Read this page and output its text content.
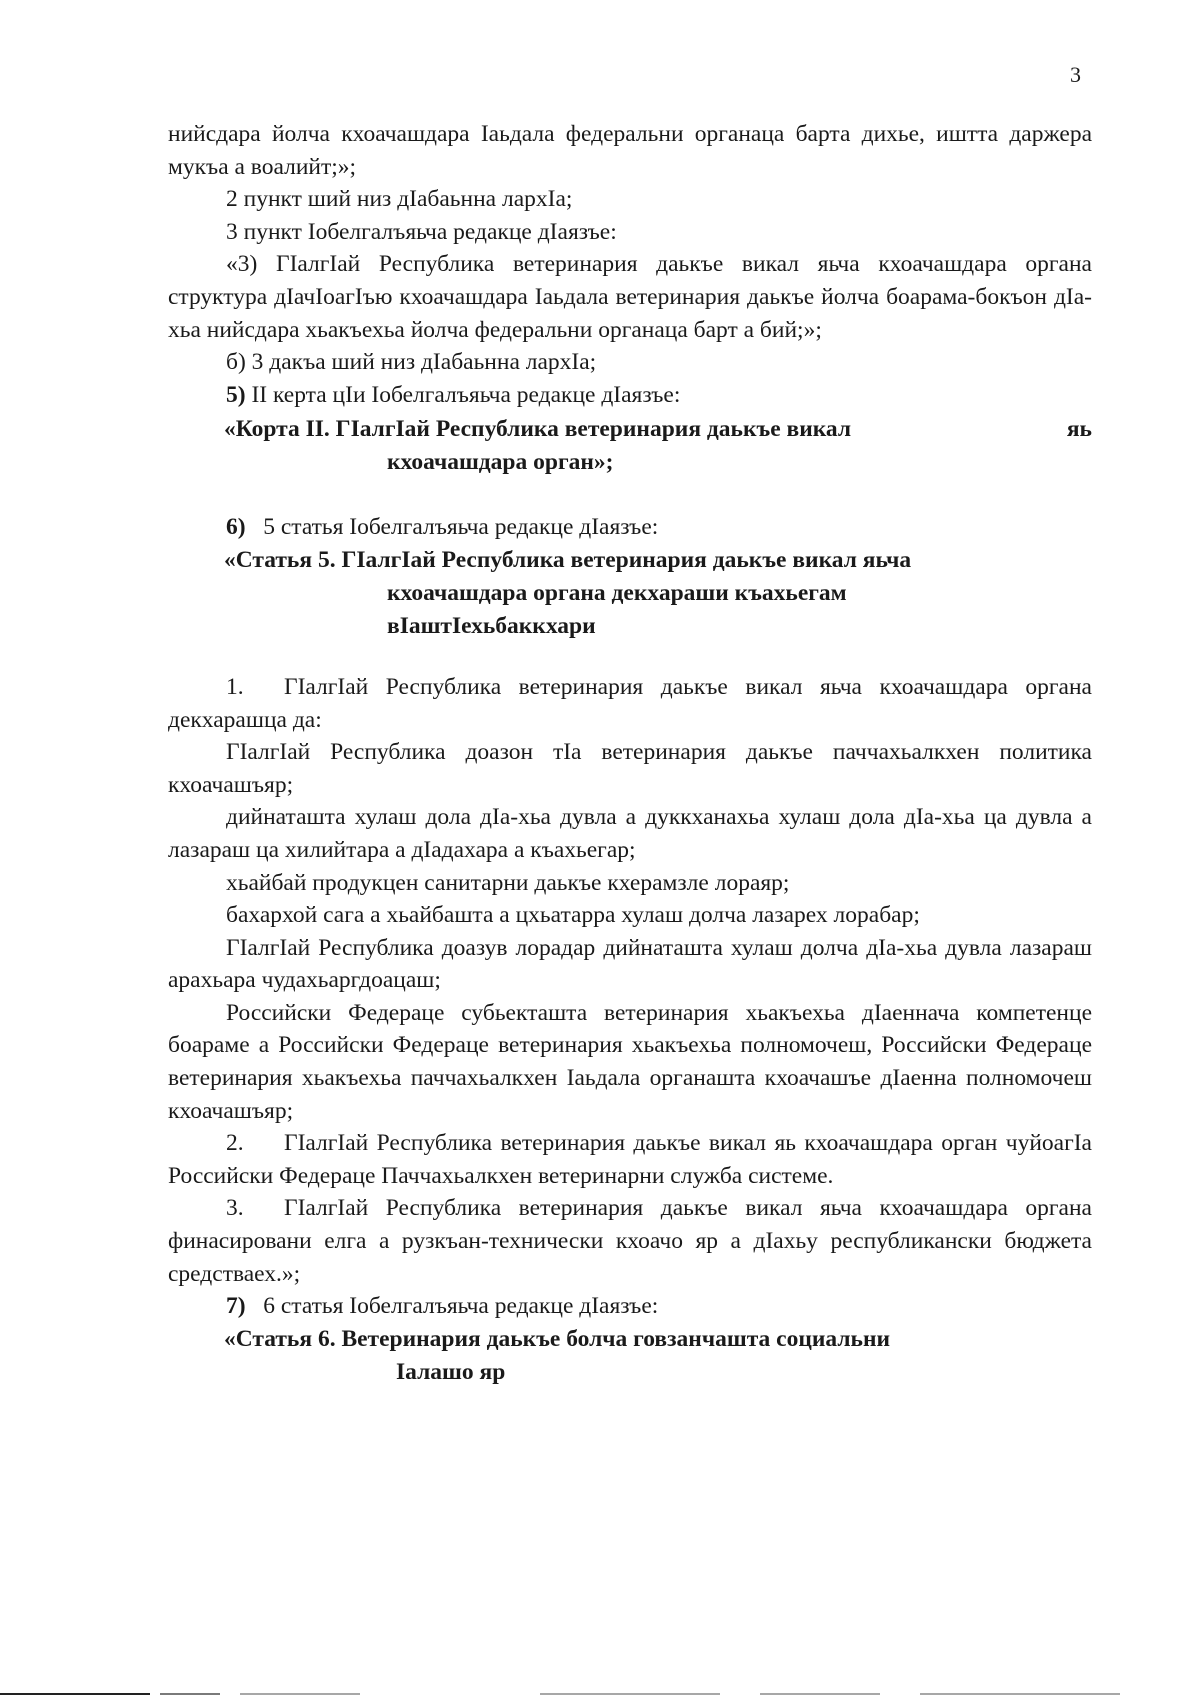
3

нийсдара йолча кхоачашдара Іаьдала федеральни органаца барта дихье, иштта даржера мукъа а воалийт;»;

2 пункт ший низ дІабаьнна лархІа;

3 пункт Іобелгалъяьча редакце дІаязъе:

«3) ГІалгІай Республика ветеринария даькъе викал яьча кхоачашдара органа структура дІачІоагІъю кхоачашдара Іаьдала ветеринария даькъе йолча боарама-бокъон дІа-хьа нийсдара хьакъехьа йолча федеральни органаца барт а бий;»;

б) 3 дакъа ший низ дІабаьнна лархІа;

5) II керта цІи Іобелгалъяьча редакце дІаязъе:

«Корта II. ГІалгІай Республика ветеринария даькъе викал	яь
кхоачашдара орган»;

6) 5 статья Іобелгалъяьча редакце дІаязъе:

«Статья 5. ГІалгІай Республика ветеринария даькъе викал яьча
кхоачашдара органа декхараши къахьегам
вІаштІехьбаккхари

1. ГІалгІай Республика ветеринария даькъе викал яьча кхоачашдара органа декхарашца да:

ГІалгІай Республика доазон тІа ветеринария даькъе паччахьалкхен политика кхоачашъяр;

дийнаташта хулаш дола дІа-хьа дувла а дуккханахьа хулаш дола дІа-хьа ца дувла а лазараш ца хилийтара а дІадахара а къахьегар;

хьайбай продукцен санитарни даькъе кхерамзле лораяр;

бахархой сага а хьайбашта а цхьатарра хулаш долча лазарех лорабар;

ГІалгІай Республика доазув лорадар дийнаташта хулаш долча дІа-хьа дувла лазараш арахьара чудахьаргдоацаш;

Российски Федераце субьекташта ветеринария хьакъехьа дІаеннача компетенце боараме а Российски Федераце ветеринария хьакъехьа полномочеш, Российски Федераце ветеринария хьакъехьа паччахьалкхен Іаьдала органашта кхоачашъе дІаенна полномочеш кхоачашъяр;

2. ГІалгІай Республика ветеринария даькъе викал яь кхоачашдара орган чуйоагІа Российски Федераце Паччахьалкхен ветеринарни служба системе.

3. ГІалгІай Республика ветеринария даькъе викал яьча кхоачашдара органа финасировани елга а рузкъан-технически кхоачо яр а дІахьу республикански бюджета средстваех.»;

7) 6 статья Іобелгалъяьча редакце дІаязъе:

«Статья 6. Ветеринария даькъе болча говзанчашта социальни
Іалашо яр
